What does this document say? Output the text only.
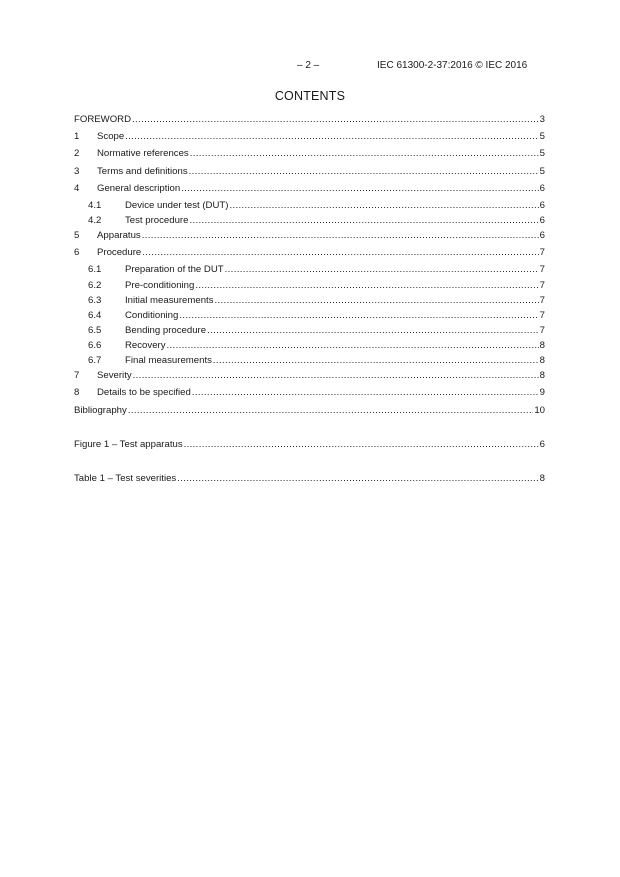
– 2 –	IEC 61300-2-37:2016 © IEC 2016
CONTENTS
FOREWORD .....	3
1	Scope .....	5
2	Normative references .....	5
3	Terms and definitions .....	5
4	General description .....	6
4.1	Device under test (DUT) .....	6
4.2	Test procedure .....	6
5	Apparatus .....	6
6	Procedure .....	7
6.1	Preparation of the DUT .....	7
6.2	Pre-conditioning .....	7
6.3	Initial measurements .....	7
6.4	Conditioning .....	7
6.5	Bending procedure .....	7
6.6	Recovery .....	8
6.7	Final measurements .....	8
7	Severity .....	8
8	Details to be specified .....	9
Bibliography .....	10
Figure 1 – Test apparatus .....	6
Table 1 – Test severities .....	8
